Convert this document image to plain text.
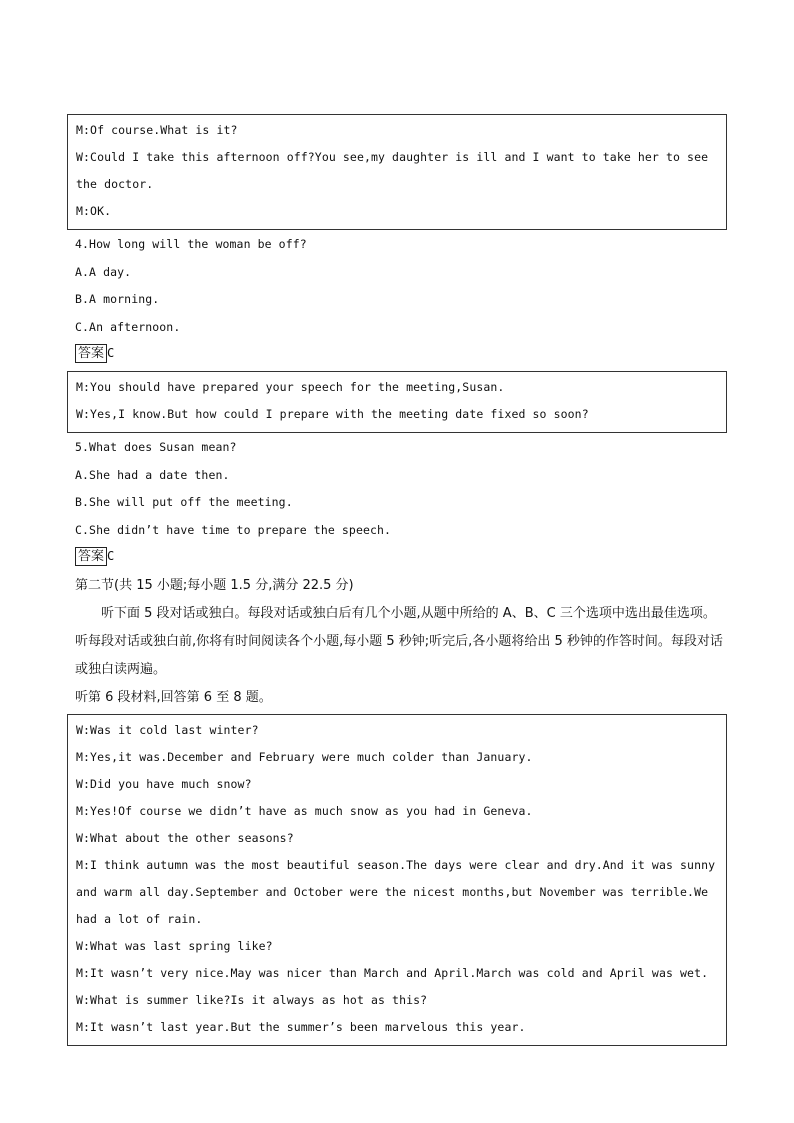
M:Of course.What is it?
W:Could I take this afternoon off?You see,my daughter is ill and I want to take her to see the doctor.
M:OK.
4.How long will the woman be off?
A.A day.
B.A morning.
C.An afternoon.
答案 C
M:You should have prepared your speech for the meeting,Susan.
W:Yes,I know.But how could I prepare with the meeting date fixed so soon?
5.What does Susan mean?
A.She had a date then.
B.She will put off the meeting.
C.She didn’t have time to prepare the speech.
答案 C
第二节(共 15 小题;每小题 1.5 分,满分 22.5 分)
听下面 5 段对话或独白。每段对话或独白后有几个小题,从题中所给的 A、B、C 三个选项中选出最佳选项。听每段对话或独白前,你将有时间阅读各个小题,每小题 5 秒钟;听完后,各小题将给出 5 秒钟的作答时间。每段对话或独白读两遍。
听第 6 段材料,回答第 6 至 8 题。
W:Was it cold last winter?
M:Yes,it was.December and February were much colder than January.
W:Did you have much snow?
M:Yes!Of course we didn’t have as much snow as you had in Geneva.
W:What about the other seasons?
M:I think autumn was the most beautiful season.The days were clear and dry.And it was sunny and warm all day.September and October were the nicest months,but November was terrible.We had a lot of rain.
W:What was last spring like?
M:It wasn’t very nice.May was nicer than March and April.March was cold and April was wet.
W:What is summer like?Is it always as hot as this?
M:It wasn’t last year.But the summer’s been marvelous this year.
